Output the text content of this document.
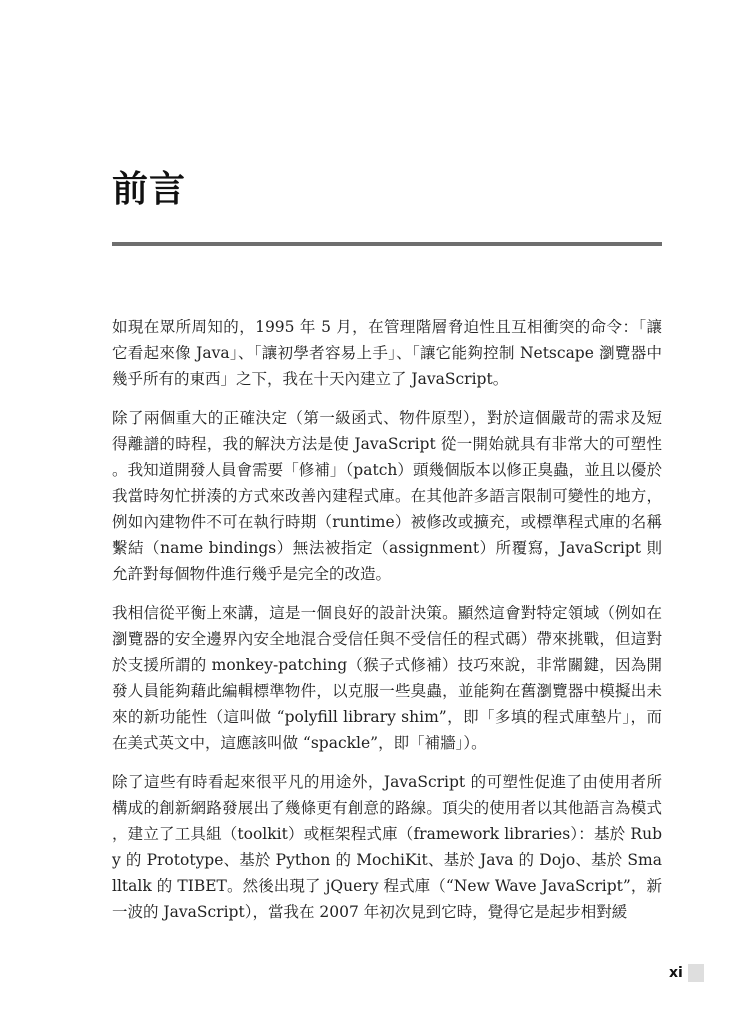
前言

如現在眾所周知的，1995 年 5 月，在管理階層脅迫性且互相衝突的命令：「讓它看起來像 Java」、「讓初學者容易上手」、「讓它能夠控制 Netscape 瀏覽器中幾乎所有的東西」之下，我在十天內建立了 JavaScript。

除了兩個重大的正確決定（第一級函式、物件原型），對於這個嚴苛的需求及短得離譜的時程，我的解決方法是使 JavaScript 從一開始就具有非常大的可塑性。我知道開發人員會需要「修補」（patch）頭幾個版本以修正臭蟲，並且以優於我當時匆忙拼湊的方式來改善內建程式庫。在其他許多語言限制可變性的地方，例如內建物件不可在執行時期（runtime）被修改或擴充，或標準程式庫的名稱繫結（name bindings）無法被指定（assignment）所覆寫，JavaScript 則允許對每個物件進行幾乎是完全的改造。

我相信從平衡上來講，這是一個良好的設計決策。顯然這會對特定領域（例如在瀏覽器的安全邊界內安全地混合受信任與不受信任的程式碼）帶來挑戰，但這對於支援所謂的 monkey-patching（猴子式修補）技巧來說，非常關鍵，因為開發人員能夠藉此編輯標準物件，以克服一些臭蟲，並能夠在舊瀏覽器中模擬出未來的新功能性（這叫做 “polyfill library shim”，即「多填的程式庫墊片」，而在美式英文中，這應該叫做 “spackle”，即「補牆」）。

除了這些有時看起來很平凡的用途外，JavaScript 的可塑性促進了由使用者所構成的創新網路發展出了幾條更有創意的路線。頂尖的使用者以其他語言為模式，建立了工具組（toolkit）或框架程式庫（framework libraries）：基於 Ruby 的 Prototype、基於 Python 的 MochiKit、基於 Java 的 Dojo、基於 Smalltalk 的 TIBET。然後出現了 jQuery 程式庫（“New Wave JavaScript”，新一波的 JavaScript），當我在 2007 年初次見到它時，覺得它是起步相對緩

xi
